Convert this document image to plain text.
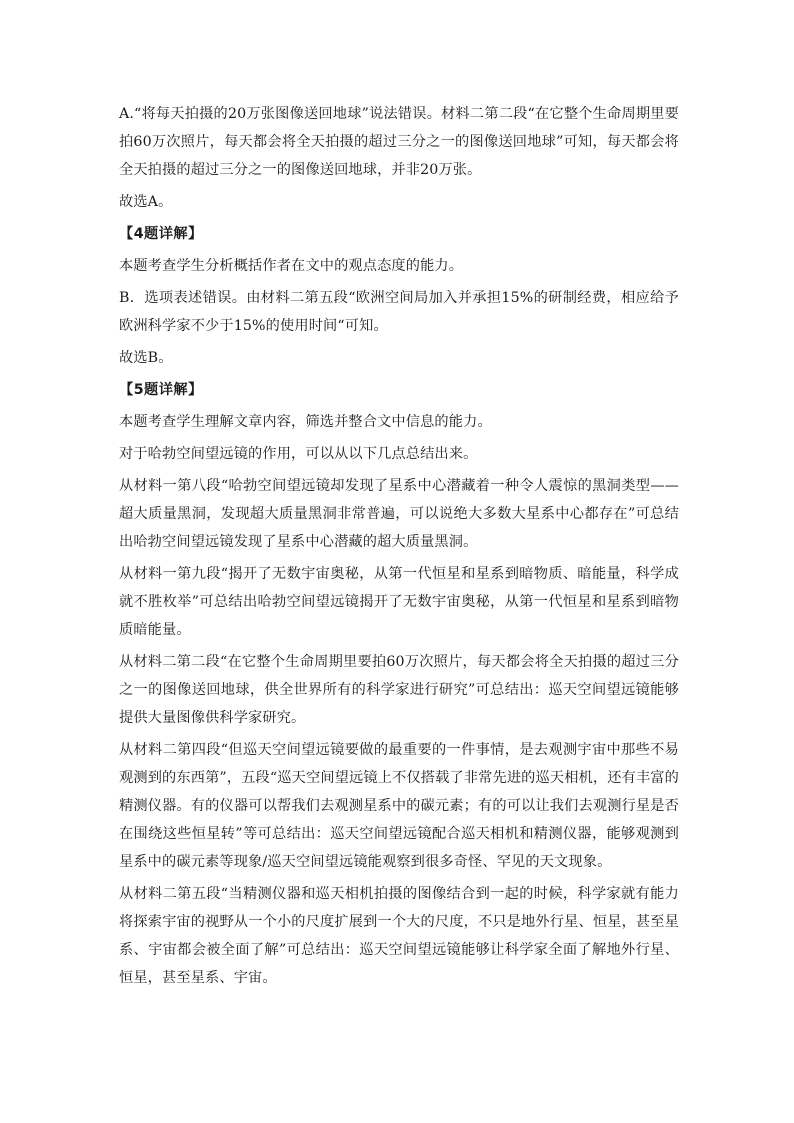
A.“将每天拍摄的20万张图像送回地球”说法错误。材料二第二段“在它整个生命周期里要拍60万次照片，每天都会将全天拍摄的超过三分之一的图像送回地球”可知，每天都会将全天拍摄的超过三分之一的图像送回地球，并非20万张。
故选A。
【4题详解】
本题考查学生分析概括作者在文中的观点态度的能力。
B．选项表述错误。由材料二第五段“欧洲空间局加入并承担15%的研制经费，相应给予欧洲科学家不少于15%的使用时间“可知。
故选B。
【5题详解】
本题考查学生理解文章内容，筛选并整合文中信息的能力。
对于哈勃空间望远镜的作用，可以从以下几点总结出来。
从材料一第八段“哈勃空间望远镜却发现了星系中心潜藏着一种令人震惊的黑洞类型——超大质量黑洞，发现超大质量黑洞非常普遍，可以说绝大多数大星系中心都存在”可总结出哈勃空间望远镜发现了星系中心潜藏的超大质量黑洞。
从材料一第九段“揭开了无数宇宙奥秘，从第一代恒星和星系到暗物质、暗能量，科学成就不胜枚举”可总结出哈勃空间望远镜揭开了无数宇宙奥秘，从第一代恒星和星系到暗物质暗能量。
从材料二第二段“在它整个生命周期里要拍60万次照片，每天都会将全天拍摄的超过三分之一的图像送回地球，供全世界所有的科学家进行研究”可总结出：巡天空间望远镜能够提供大量图像供科学家研究。
从材料二第四段“但巡天空间望远镜要做的最重要的一件事情，是去观测宇宙中那些不易观测到的东西第”，五段“巡天空间望远镜上不仅搭载了非常先进的巡天相机，还有丰富的精测仪器。有的仪器可以帮我们去观测星系中的碳元素；有的可以让我们去观测行星是否在围绕这些恒星转”等可总结出：巡天空间望远镜配合巡天相机和精测仪器，能够观测到星系中的碳元素等现象/巡天空间望远镜能观察到很多奇怪、罕见的天文现象。
从材料二第五段“当精测仪器和巡天相机拍摄的图像结合到一起的时候，科学家就有能力将探索宇宙的视野从一个小的尺度扩展到一个大的尺度，不只是地外行星、恒星，甚至星系、宇宙都会被全面了解”可总结出：巡天空间望远镜能够让科学家全面了解地外行星、恒星，甚至星系、宇宙。
